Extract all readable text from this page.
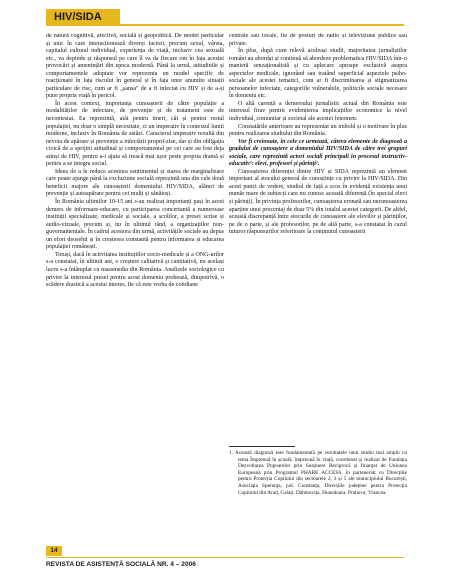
HIV/SIDA

de natură cognitivă, afectivă, socială și geopolitică. De model particular și unic în care interacționează diverși factori, precum sexul, vârsta, capitalul cultural individual, experiența de viață, inclusiv cea sexuală etc., va depinde și răspunsul pe care îl va da fiecare om în fața acestei provocări și amenințări din epoca modernă. Până la urmă, atitudinile și comportamentele adoptate vor reprezenta un model specific de reacționare în fața riscului în general și în fața unor anumite situații particulare de risc, cum ar fi „șansa" de a fi infectat cu HIV și de a-și pune propria viață în pericol.

În acest context, importanța cunoașterii de către populație a modalităților de infectare, de prevenție și de tratament este de necontestat. Ea reprezintă, atât pentru tineri, cât și pentru restul populației, nu doar o simplă necesitate, ci un imperativ în contextul lumii moderne, inclusiv în România de astăzi. Caracterul imperativ rezultă din nevoia de apărare și prevenție a infectării proprii-zise, dar și din obligația civică de a sprijini atitudinal și comportamental pe cei care au fost deja atinși de HIV, pentru a-i ajuta să treacă mai ușor peste propria dramă și pentru a se integra social.

Ideea de a le reduce acestora sentimentul și starea de marginalizare care poate ajunge până la excluziune socială reprezintă una din cele două beneficii majore ale cunoașterii domeniului HIV/SIDA, alături de prevenție și autoapărare pentru cei mulți și sănătoși.

În România ultimilor 10-15 ani s-au realizat importanți pași în acest demers de informare-educare, cu participarea concertantă a numeroase instituții specializate, medicale și sociale, a școlilor, a presei scrise și audio-vizuale, precum și, nu în ultimul rând, a organizațiilor non-guvernamentale. În cadrul acestora din urmă, activitățile sociale au depus un efort deosebit și în creșterea constantă pentru informarea și educarea populației românești.

Totuși, dacă în activitatea instituțiilor socio-medicale și a ONG-urilor s-a constatat, în ultimii ani, o creștere calitativă și cantitativă, nu același lucru s-a întâmplat cu massmedia din România. Analizele sociologice cu privire la interesul presei pentru acest domeniu probează, dimpotrivă, o scădere drastică a acestui interes, fie că este vorba de cotidiane

centrale sau locale, fie de posturi de radio și televiziune publice sau private.

În plus, după cum relevă aceleași studii, majoritatea jurnaliștilor români au abordat și continuă să abordeze problematica HIV/SIDA într-o manieră senzaționalistă și cu aplecare aproape exclusivă asupra aspectelor medicale, ignorând sau tratând superficial aspectele psiho-sociale ale acestei tematici, cum ar fi discriminarea și stigmatizarea persoanelor infectate, categoriile vulnerabile, politicile sociale necesare în domeniu etc.

O altă carență a demersului jurnalistic actual din România este interesul firav pentru evidențierea implicațiilor economice la nivel individual, comunitar și societal ale acestei fenomen.

Constatările anterioare au reprezentat un imbold și o motivare în plus pentru realizarea studiului din România.

Vor fi creionate, în cele ce urmează, câteva elemente de diagnoză a gradului de cunoaștere a domeniului HIV/SIDA de către trei grupuri sociale, care reprezintă actori sociali principali în procesul instructiv-educativ¹: elevi, profesori și părinți¹.

Cunoașterea diferenței dintre HIV și SIDA reprezintă un element important al stocului general de cunoștințe cu privire la HIV/SIDA. Din acest punct de vedere, studiul de față a scos în evidență existența unui număr mare de subiecți care nu cunosc această diferență (în special elevi și părinți). În privința profesorilor, cunoașterea eronată sau necunoașterea aparține unui procentaj de doar 5% din totalul acestei categorii. De altfel, această discrepanță între stocurile de cunoaștere ale elevilor și părinților, pe de o parte, și ale profesorilor, pe de altă parte, s-a constatat în cazul tuturor răspunsurilor referitoare la conținutul cunoașterii

1. Această diagnoză este fundamentată pe rezultatele unui studiu mai amplu cu tema Împreună în școală, împreună în viață, coordonat și realizat de Fundația Dezvoltarea Popoarelor prin Susținere Reciprocă și finanțat de Uniunea Europeană prin Programul PHARE ACCESS, în parteneriat cu Direcțiile pentru Protecția Copilului din sectoarele 2, 3 și 5 ale municipiului București, Asociația Speranța, jud. Constanța, Direcțiile județene pentru Protecția Copilului din Arad, Galați, Dâmbovița, Hunedoara, Prahova, Vrancea.
14
REVISTA DE ASISTENȚĂ SOCIALĂ NR. 4 – 2006
